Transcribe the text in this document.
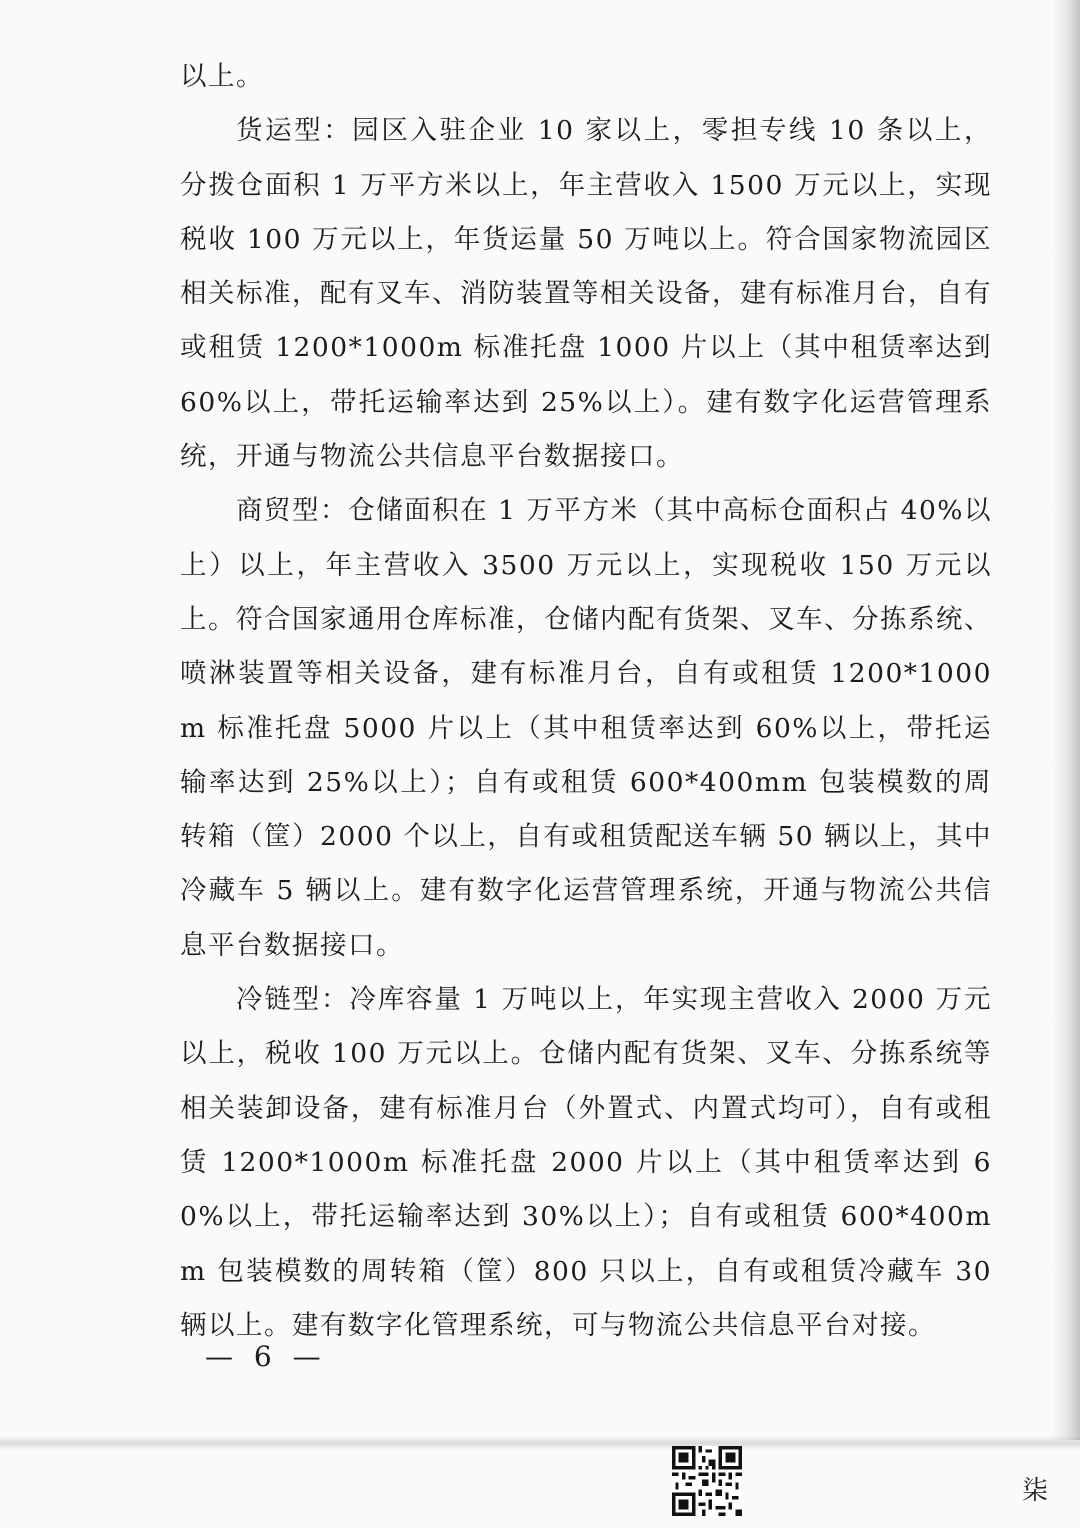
以上。

货运型：园区入驻企业 10 家以上，零担专线 10 条以上，分拨仓面积 1 万平方米以上，年主营收入 1500 万元以上，实现税收 100 万元以上，年货运量 50 万吨以上。符合国家物流园区相关标准，配有叉车、消防装置等相关设备，建有标准月台，自有或租赁 1200*1000m 标准托盘 1000 片以上（其中租赁率达到 60%以上，带托运输率达到 25%以上）。建有数字化运营管理系统，开通与物流公共信息平台数据接口。

商贸型：仓储面积在 1 万平方米（其中高标仓面积占 40%以上）以上，年主营收入 3500 万元以上，实现税收 150 万元以上。符合国家通用仓库标准，仓储内配有货架、叉车、分拣系统、喷淋装置等相关设备，建有标准月台，自有或租赁 1200*1000m 标准托盘 5000 片以上（其中租赁率达到 60%以上，带托运输率达到 25%以上）；自有或租赁 600*400mm 包装模数的周转箱（筐）2000 个以上，自有或租赁配送车辆 50 辆以上，其中冷藏车 5 辆以上。建有数字化运营管理系统，开通与物流公共信息平台数据接口。

冷链型：冷库容量 1 万吨以上，年实现主营收入 2000 万元以上，税收 100 万元以上。仓储内配有货架、叉车、分拣系统等相关装卸设备，建有标准月台（外置式、内置式均可），自有或租赁 1200*1000m 标准托盘 2000 片以上（其中租赁率达到 60%以上，带托运输率达到 30%以上）；自有或租赁 600*400mm 包装模数的周转箱（筐）800 只以上，自有或租赁冷藏车 30 辆以上。建有数字化管理系统，可与物流公共信息平台对接。

— 6 —
柒
